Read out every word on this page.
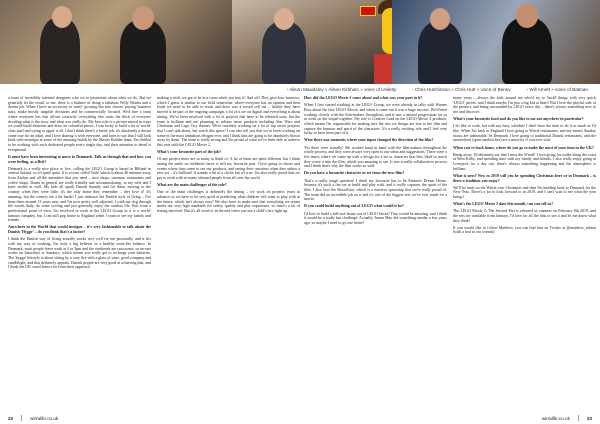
•Alison Mawdsley » Alison Kirkham » voice of Unikitty	•Chris Hutchinson » Chris Hutt » voice of Benny	•Will Arnett » voice of Batman

a team of incredibly talented designers who we re passionate about what we do. But we generally let the result, to me, there is a balance of doing a fabulous Willy Wonka and a dream job. When I have an accessory to 'unify' growing but also choose 'paying' business stars, make mostly tangible decisions and be commercially focused. We'd hire a team where everyone has that all-out creativity 'everything else starts the thick of everyone deciding what is the story and what you really do. My best role is a picture mixed in ways we could build elements and draw on colourful pieces. I was lucky to build a lot of world-class stuff and trying to apply it all. I don't think there's a better job, it's absolutely a dream come true for an adult, and I love sharing it with everyone, and have to say that I still look back with nostalgia at some of the amazing builds by the Master Builder team. I'm thrilled to be working with such dedicated people every single day, and their attention to detail is exceptional.

It must have been interesting to move to Denmark. Talk us through that and how you were feeling, as a Brit?

Denmark is a really nice place to live, calling the LEGO Group is based in Billund in central Jutland, so it's quite quiet. It is a town called 'little' which is about 40 minutes away from Aarhus and all the amenities that you need – nice shops, cinemas, restaurants and coffee shops. Danes in general are really friendly and accommodating, so my wife and I have settled in well. My kids all speak Danish fluently and for them, moving to the country when they were little, it's the only home they remember – they love it! It's amazing, but the winters are a bit harsh! I just embrace the Danish style of living – I've been there around 13 years now, and I'm now pretty well adjusted, I walk my dog through the woods daily, do some cycling and just generally enjoy the outdoor life. But, from a professional point of view, I'm involved in work at the LEGO Group as it is a world-famous company, but I can still pop home to England when I want to see my family and friends.

Anywhere in the World that would intrigue – it's very fashionable to talk about the Danish 'Hygge' – do you think that's a factor?

I think the Danish way of living actually works very well for me personally, and it fits with my way of working, I'm truly a big believer in a healthy work-life balance. In Denmark, most people leave work at 4 or 5pm and the weekends are sacrosanct, so no-one works on Saturdays or Sundays, which means you really get to recharge your batteries. The 'hygge' lifestyle is about sitting by a cosy fire with a glass of wine, good company and candlelight, and that definitely appeals. Danish people are very good at achieving that, and I think the UK could learn a lot from their approach.

making a wish, we got to be in a room while you buy it! And off! They give how business, which I guess is similar to our field somewhat, where everyone has an opinion and then loads we need to be able to reach and there was a record sell out – luckily they have moved to be part of the ongoing campaign, a lot of it are on digital and everything is about timing. We've been involved with a lot of projects that have to be released soon, but the team is brilliant and are planning to release more products including Star Wars and Christmas and Lego City themes. We're currently working on a lot of top secret projects that I can't talk about, but watch this space! I can also tell you that we've been working on some of the most ambitious designs ever, and I think fans are going to be absolutely blown away by them. The team is really strong and I'm proud of what we've been able to achieve this year with the LEGO Movie 2.

What's your favourite part of the job?

Of any project there are so many to think of. A lot of them are quite different, but I think seeing the smile on children's faces is still my favourite part. I love going to shows and events where fans come to see our products, and seeing their reactions when they unbox a new set – it's brilliant! It sounds a bit of a cliche but it's true. I'm also really proud that we get to work with so many talented people from all over the world.

What are the main challenges of the role?

One of the main challenges is definitely the timing – we work on projects years in advance so we have to be very good at predicting what children will want to play with in the future, which isn't always easy! We also have to make sure that everything we create meets our very high standards for safety, quality and play experience, so there's a lot of testing involved. But it's all worth it in the end when you see a child's face light up.

How did the LEGO Movie 2 come about and what was your part in it?

When I first started working at the LEGO Group, we were already in talks with Warner Bros about the first LEGO Movie, and when it came out it was a huge success. We'd been working closely with the film-makers throughout, and it was a natural progression for us to work on the sequel together. My role is Creative Lead on the LEGO Movie 2 products, which means I'm responsible for making sure the sets we design are true to the film and capture the humour and spirit of the characters. It's a really exciting role and I feel very lucky to have been part of it.

Were there any moments where your input changed the direction of the film?

Yes there were actually! We worked hand in hand with the film-makers throughout the whole process, and they were always very open to our ideas and suggestions. There were a few times where we came up with a design for a set or character that they liked so much they wrote it into the film, which was amazing to see. It was a really collaborative process and I think that's why the film works so well.

Do you have a favourite character or set from the new film?

That's a really tough question! I think my favourite has to be Emmet's Dream House, because it's such a fun set to build and play with, and it really captures the spirit of the film. I also love the Rexcelsior, which is a massive spaceship that we're really proud of. The team did an incredible job on it and it's one of the biggest sets we've ever made for a movie.

If you could build anything out of LEGO what would it be?

I'd love to build a full-size house out of LEGO bricks! That would be amazing, and I think it would be a really fun challenge. Actually, James May did something similar a few years ago, so maybe I need to go one better!

many years – always the kids around me who'd try to 'build' things with very quick 'LEGO' pieces, and I think maybe I'm just a big kid at heart! But I love the playful side of the product, and being surrounded by LEGO every day – there's always something new to see and discover.

What's your favourite food and do you like to eat out anywhere in particular?

I do like to cook, but with my busy schedule I don't have the time to do it as much as I'd like. When I'm back in England I love going to Wirral restaurants, and my mum's Sunday roasts are unbeatable. In Denmark I love going to traditional Danish restaurants, and the smorrebrod (open sandwiches) are a must-try if you ever visit.

When you're back home, where do you go to make the most of your time in the UK?

Being away, I'd definitely say that I miss the Wirral! I love going for walks along the coast at West Kirby, and spending time with my family and friends. I also really enjoy going to Liverpool for a day out, there's always something happening and the atmosphere is brilliant.

What is next? New to 2019 will you be spending Christmas here or in Denmark – is there a tradition you enjoy?

We'll be back on the Wirral over Christmas and then I'm heading back to Denmark for the New Year. There's a lot to look forward to in 2019, and I can't wait to see what the year brings!

What's the LEGO Movie 2 date this month, can you tell us?

The LEGO Movie 2: The Second Part is released in cinemas on February 8th 2019, and the sets are available from January. I'd love for all the fans to see it and let me know what they think!

If you would like to follow Matthew, you can find him on Twitter at @matthew_ashton (with a nod to our friends)

22	wirralife.co.uk	wirralife.co.uk	23
